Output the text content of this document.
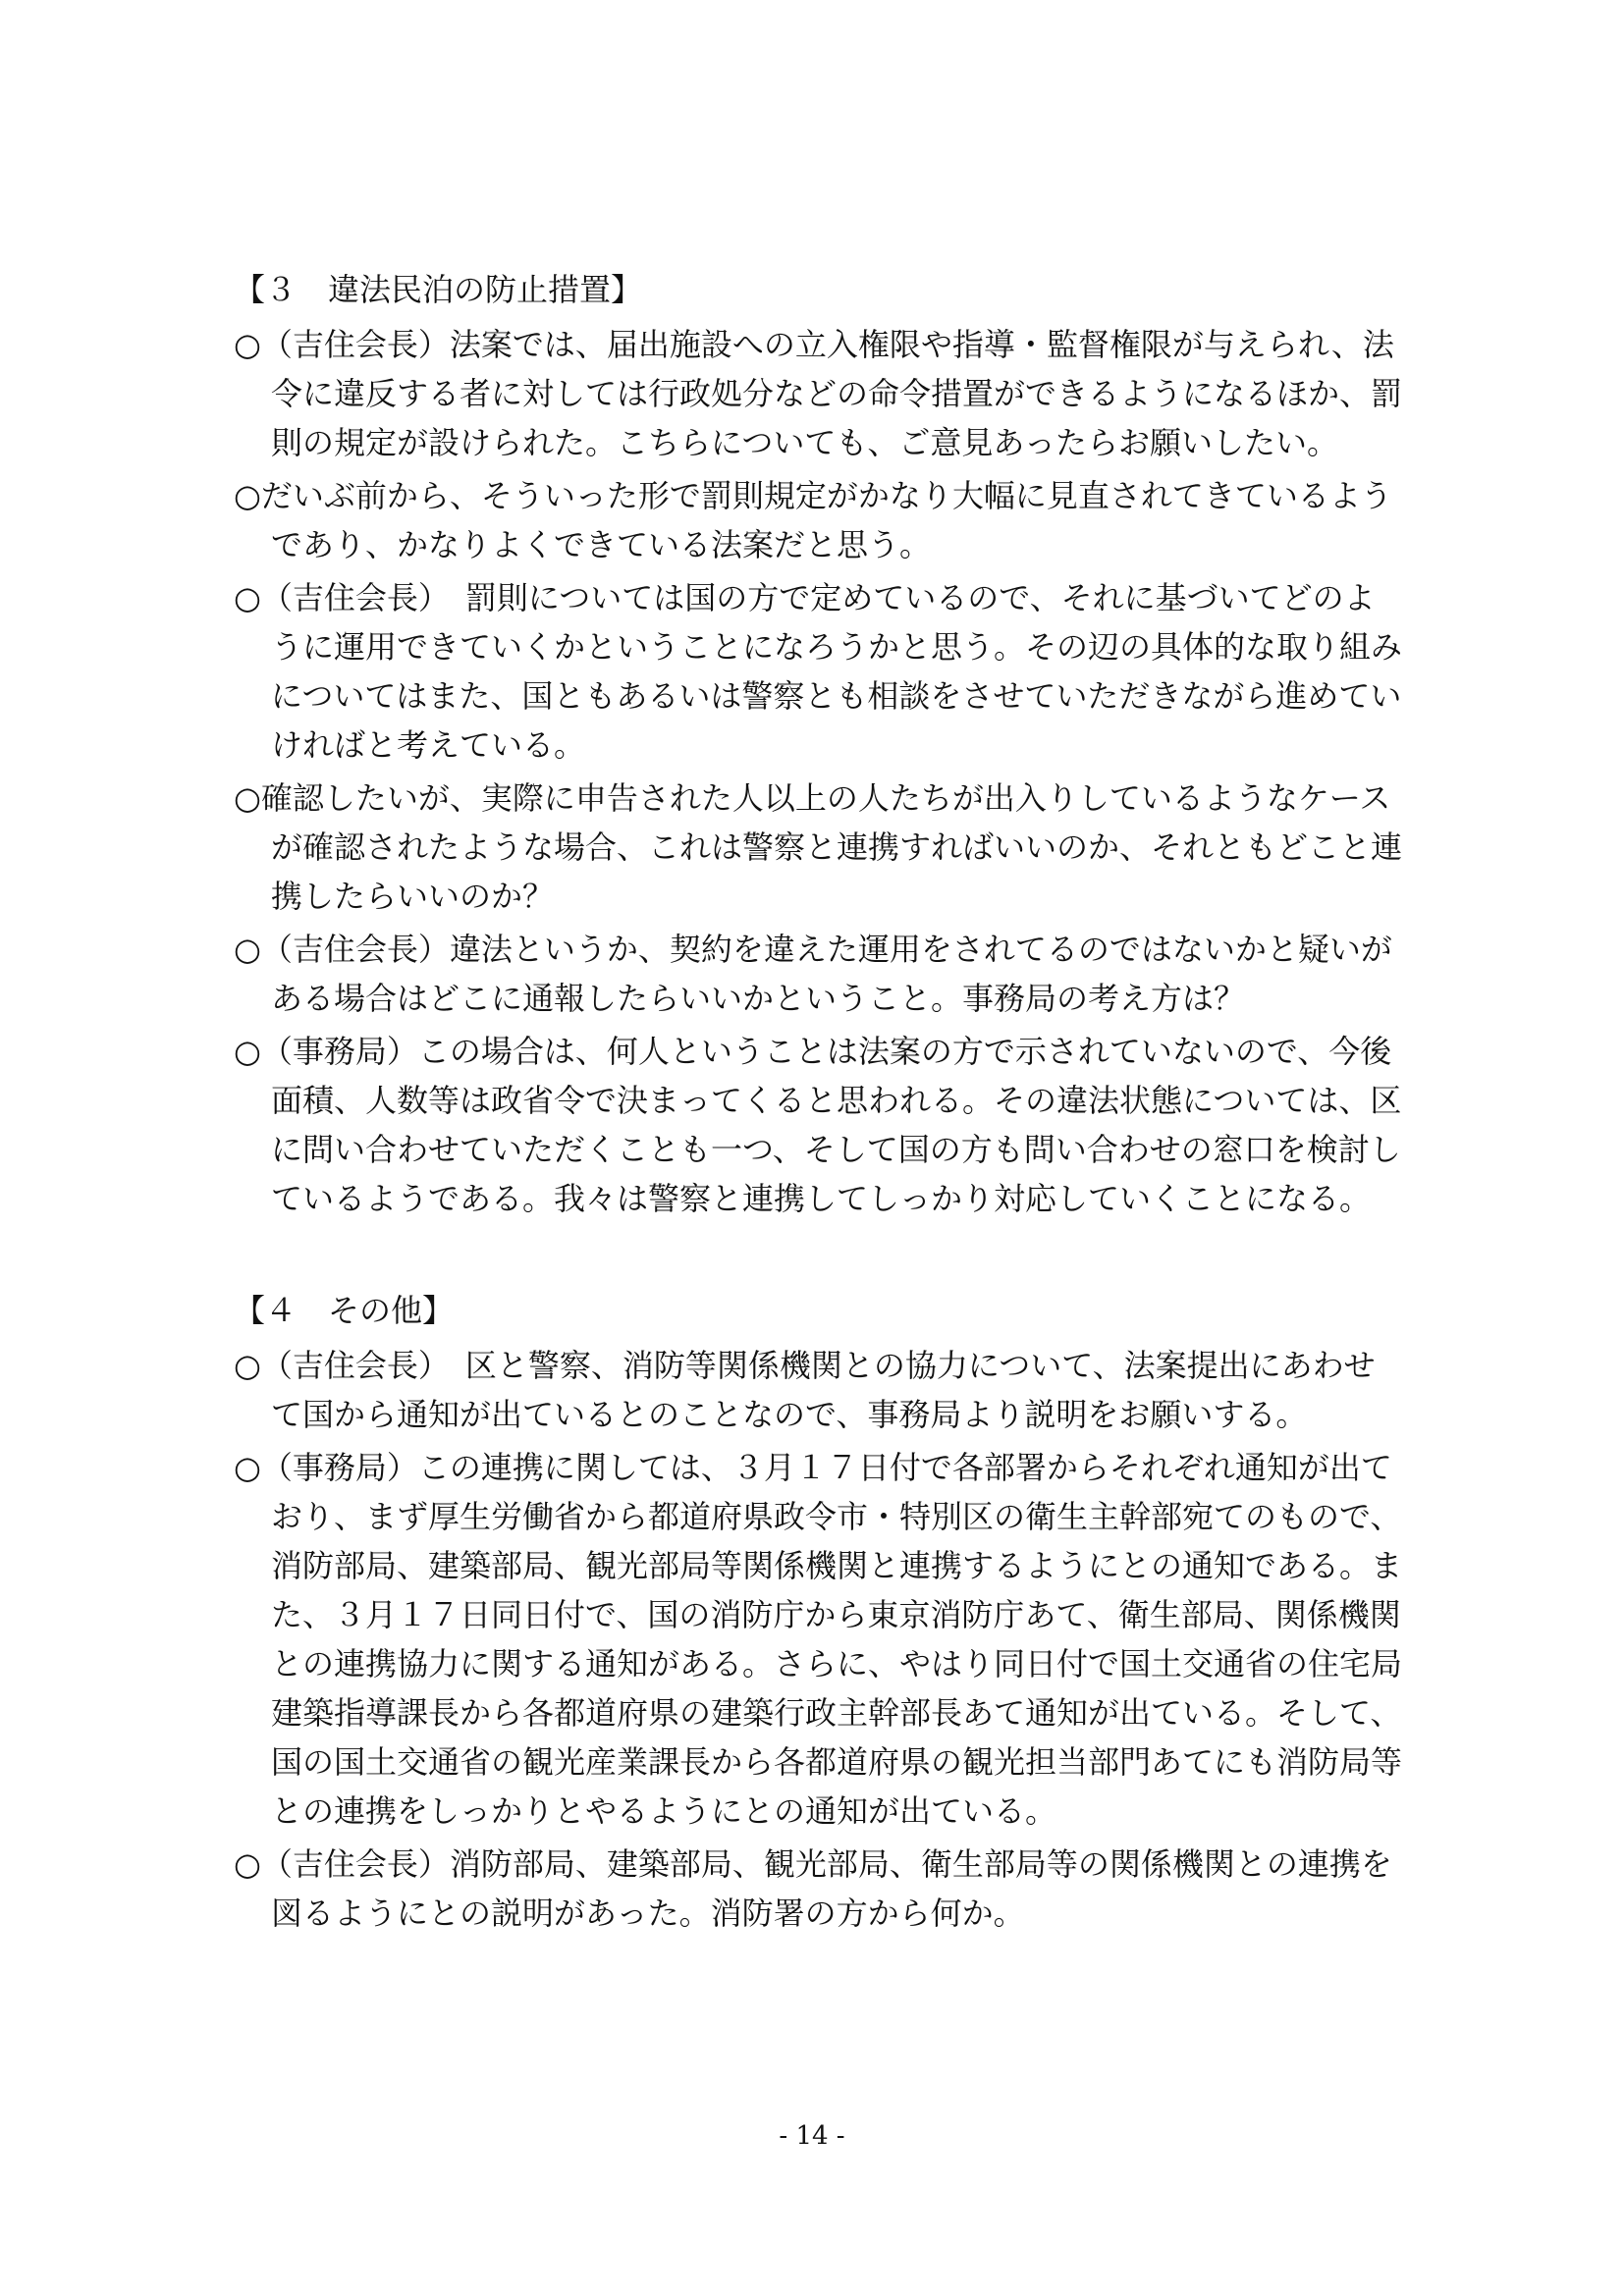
【３　違法民泊の防止措置】

○（吉住会長）法案では、届出施設への立入権限や指導・監督権限が与えられ、法令に違反する者に対しては行政処分などの命令措置ができるようになるほか、罰則の規定が設けられた。こちらについても、ご意見あったらお願いしたい。

○だいぶ前から、そういった形で罰則規定がかなり大幅に見直されてきているようであり、かなりよくできている法案だと思う。

○（吉住会長）　罰則については国の方で定めているので、それに基づいてどのように運用できていくかということになろうかと思う。その辺の具体的な取り組みについてはまた、国ともあるいは警察とも相談をさせていただきながら進めていければと考えている。

○確認したいが、実際に申告された人以上の人たちが出入りしているようなケースが確認されたような場合、これは警察と連携すればいいのか、それともどこと連携したらいいのか？

○（吉住会長）違法というか、契約を違えた運用をされてるのではないかと疑いがある場合はどこに通報したらいいかということ。事務局の考え方は？

○（事務局）この場合は、何人ということは法案の方で示されていないので、今後面積、人数等は政省令で決まってくると思われる。その違法状態については、区に問い合わせていただくことも一つ、そして国の方も問い合わせの窓口を検討しているようである。我々は警察と連携してしっかり対応していくことになる。

【４　その他】

○（吉住会長）　区と警察、消防等関係機関との協力について、法案提出にあわせて国から通知が出ているとのことなので、事務局より説明をお願いする。

○（事務局）この連携に関しては、３月１７日付で各部署からそれぞれ通知が出ており、まず厚生労働省から都道府県政令市・特別区の衛生主幹部宛てのもので、消防部局、建築部局、観光部局等関係機関と連携するようにとの通知である。また、３月１７日同日付で、国の消防庁から東京消防庁あて、衛生部局、関係機関との連携協力に関する通知がある。さらに、やはり同日付で国土交通省の住宅局建築指導課長から各都道府県の建築行政主幹部長あて通知が出ている。そして、国の国土交通省の観光産業課長から各都道府県の観光担当部門あてにも消防局等との連携をしっかりとやるようにとの通知が出ている。

○（吉住会長）消防部局、建築部局、観光部局、衛生部局等の関係機関との連携を図るようにとの説明があった。消防署の方から何か。

- 14 -
